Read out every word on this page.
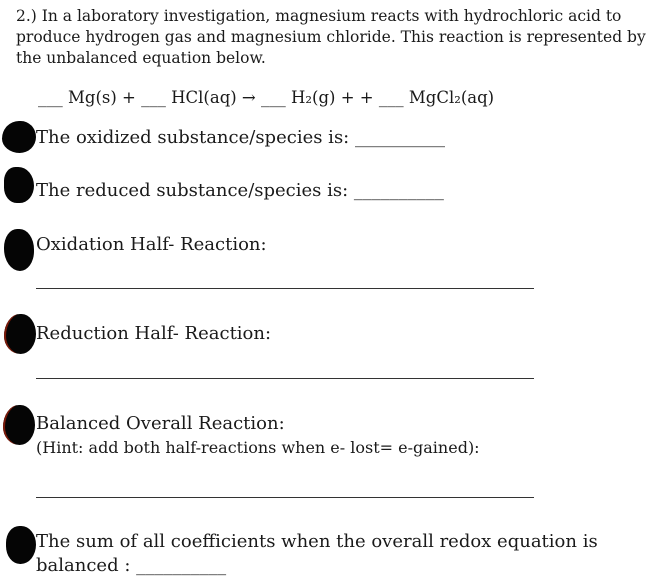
2.) In a laboratory investigation, magnesium reacts with hydrochloric acid to
produce hydrogen gas and magnesium chloride. This reaction is represented by
the unbalanced equation below.
___ Mg(s) + ___ HCl(aq) → ___ H₂(g) + + ___ MgCl₂(aq)
The oxidized substance/species is: __________
The reduced substance/species is: __________
Oxidation Half- Reaction:
Reduction Half- Reaction:
Balanced Overall Reaction:
(Hint: add both half-reactions when e- lost= e-gained):
The sum of all coefficients when the overall redox equation is
balanced : __________
